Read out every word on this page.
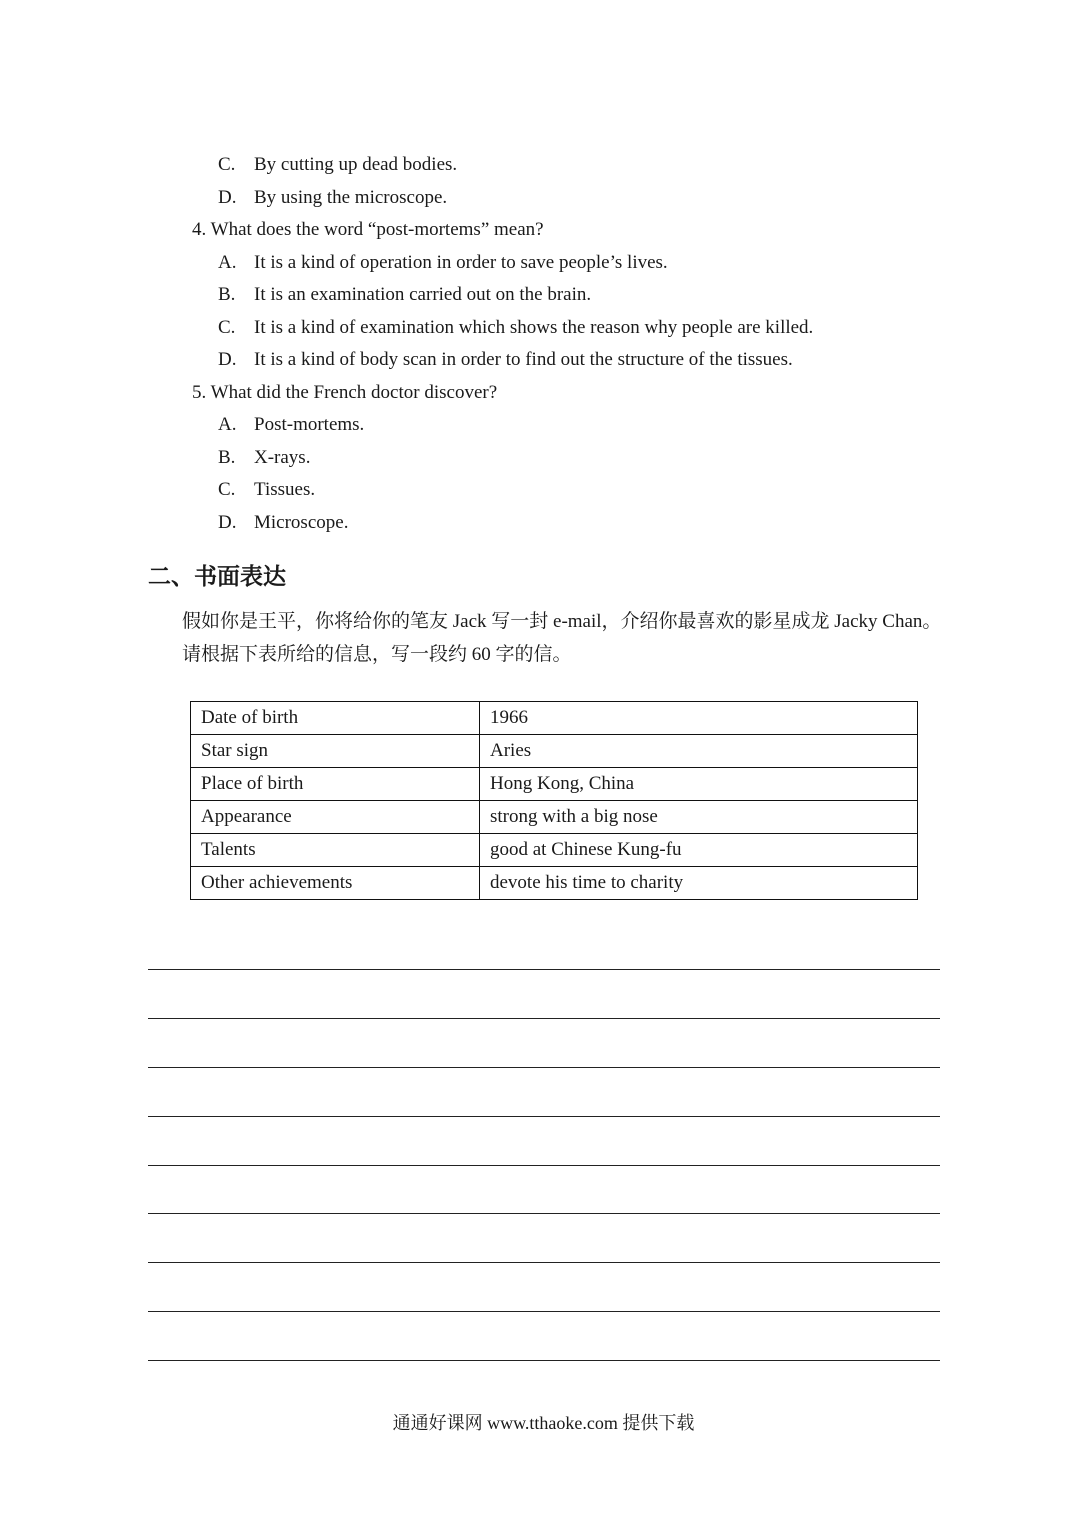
C. By cutting up dead bodies.
D. By using the microscope.
4. What does the word “post-mortems” mean?
A. It is a kind of operation in order to save people’s lives.
B. It is an examination carried out on the brain.
C. It is a kind of examination which shows the reason why people are killed.
D. It is a kind of body scan in order to find out the structure of the tissues.
5. What did the French doctor discover?
A. Post-mortems.
B. X-rays.
C. Tissues.
D. Microscope.
二、书面表达
假如你是王平，你将给你的笔友 Jack 写一封 e-mail，介绍你最喜欢的影星成龙 Jacky Chan。请根据下表所给的信息，写一段约 60 字的信。
Date of birth	1966
Star sign	Aries
Place of birth	Hong Kong, China
Appearance	strong with a big nose
Talents	good at Chinese Kung-fu
Other achievements	devote his time to charity
通通好课网 www.tthaoke.com 提供下载
